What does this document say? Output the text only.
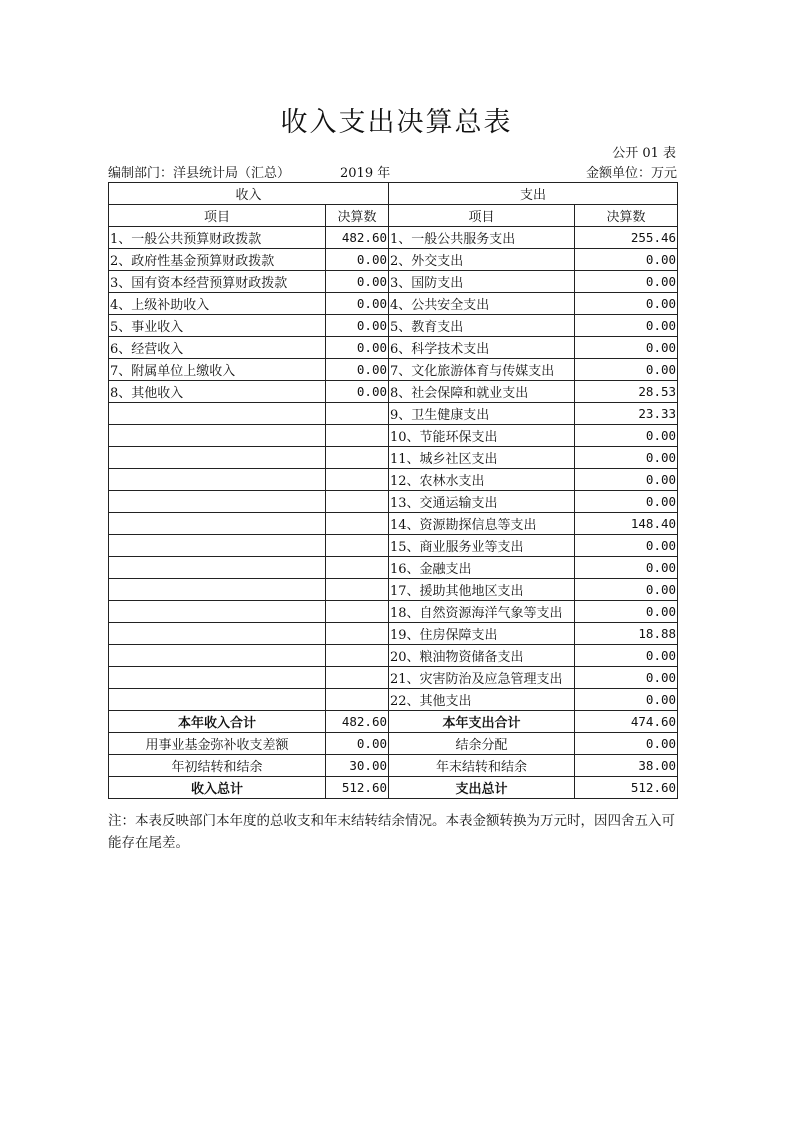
收入支出决算总表
公开 01 表
编制部门：洋县统计局（汇总）	2019 年	金额单位：万元
收入		支出	
项目	决算数	项目	决算数
1、一般公共预算财政拨款	482.60	1、一般公共服务支出	255.46
2、政府性基金预算财政拨款	0.00	2、外交支出	0.00
3、国有资本经营预算财政拨款	0.00	3、国防支出	0.00
4、上级补助收入	0.00	4、公共安全支出	0.00
5、事业收入	0.00	5、教育支出	0.00
6、经营收入	0.00	6、科学技术支出	0.00
7、附属单位上缴收入	0.00	7、文化旅游体育与传媒支出	0.00
8、其他收入	0.00	8、社会保障和就业支出	28.53
		9、卫生健康支出	23.33
		10、节能环保支出	0.00
		11、城乡社区支出	0.00
		12、农林水支出	0.00
		13、交通运输支出	0.00
		14、资源勘探信息等支出	148.40
		15、商业服务业等支出	0.00
		16、金融支出	0.00
		17、援助其他地区支出	0.00
		18、自然资源海洋气象等支出	0.00
		19、住房保障支出	18.88
		20、粮油物资储备支出	0.00
		21、灾害防治及应急管理支出	0.00
		22、其他支出	0.00
本年收入合计	482.60	本年支出合计	474.60
用事业基金弥补收支差额	0.00	结余分配	0.00
年初结转和结余	30.00	年末结转和结余	38.00
收入总计	512.60	支出总计	512.60
注：本表反映部门本年度的总收支和年末结转结余情况。本表金额转换为万元时，因四舍五入可能存在尾差。
